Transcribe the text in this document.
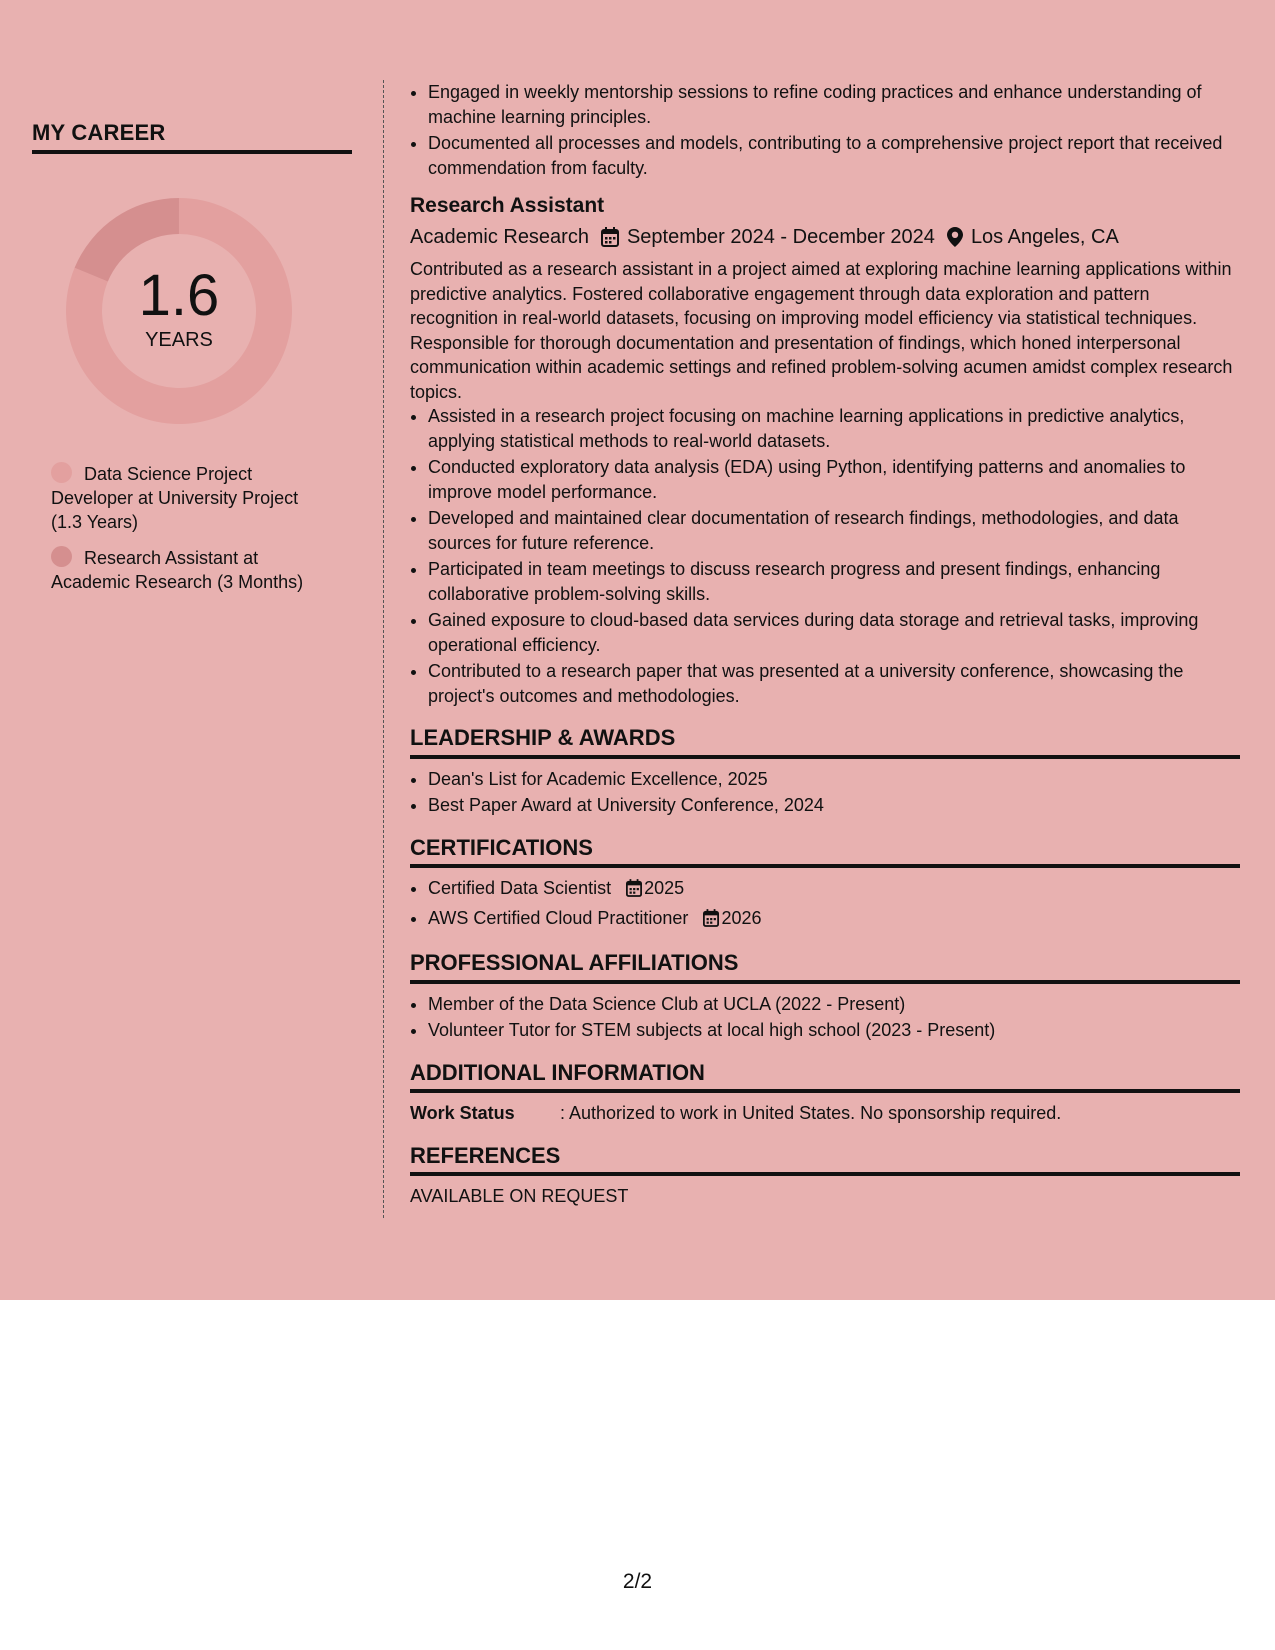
MY CAREER
1.6
YEARS
Data Science Project Developer at University Project (1.3 Years)
Research Assistant at Academic Research (3 Months)
• Engaged in weekly mentorship sessions to refine coding practices and enhance understanding of machine learning principles.
• Documented all processes and models, contributing to a comprehensive project report that received commendation from faculty.
Research Assistant
Academic Research September 2024 - December 2024 Los Angeles, CA
Contributed as a research assistant in a project aimed at exploring machine learning applications within predictive analytics. Fostered collaborative engagement through data exploration and pattern recognition in real-world datasets, focusing on improving model efficiency via statistical techniques. Responsible for thorough documentation and presentation of findings, which honed interpersonal communication within academic settings and refined problem-solving acumen amidst complex research topics.
• Assisted in a research project focusing on machine learning applications in predictive analytics, applying statistical methods to real-world datasets.
• Conducted exploratory data analysis (EDA) using Python, identifying patterns and anomalies to improve model performance.
• Developed and maintained clear documentation of research findings, methodologies, and data sources for future reference.
• Participated in team meetings to discuss research progress and present findings, enhancing collaborative problem-solving skills.
• Gained exposure to cloud-based data services during data storage and retrieval tasks, improving operational efficiency.
• Contributed to a research paper that was presented at a university conference, showcasing the project's outcomes and methodologies.
LEADERSHIP & AWARDS
• Dean's List for Academic Excellence, 2025
• Best Paper Award at University Conference, 2024
CERTIFICATIONS
• Certified Data Scientist 2025
• AWS Certified Cloud Practitioner 2026
PROFESSIONAL AFFILIATIONS
• Member of the Data Science Club at UCLA (2022 - Present)
• Volunteer Tutor for STEM subjects at local high school (2023 - Present)
ADDITIONAL INFORMATION
Work Status	: Authorized to work in United States. No sponsorship required.
REFERENCES
AVAILABLE ON REQUEST
2/2
